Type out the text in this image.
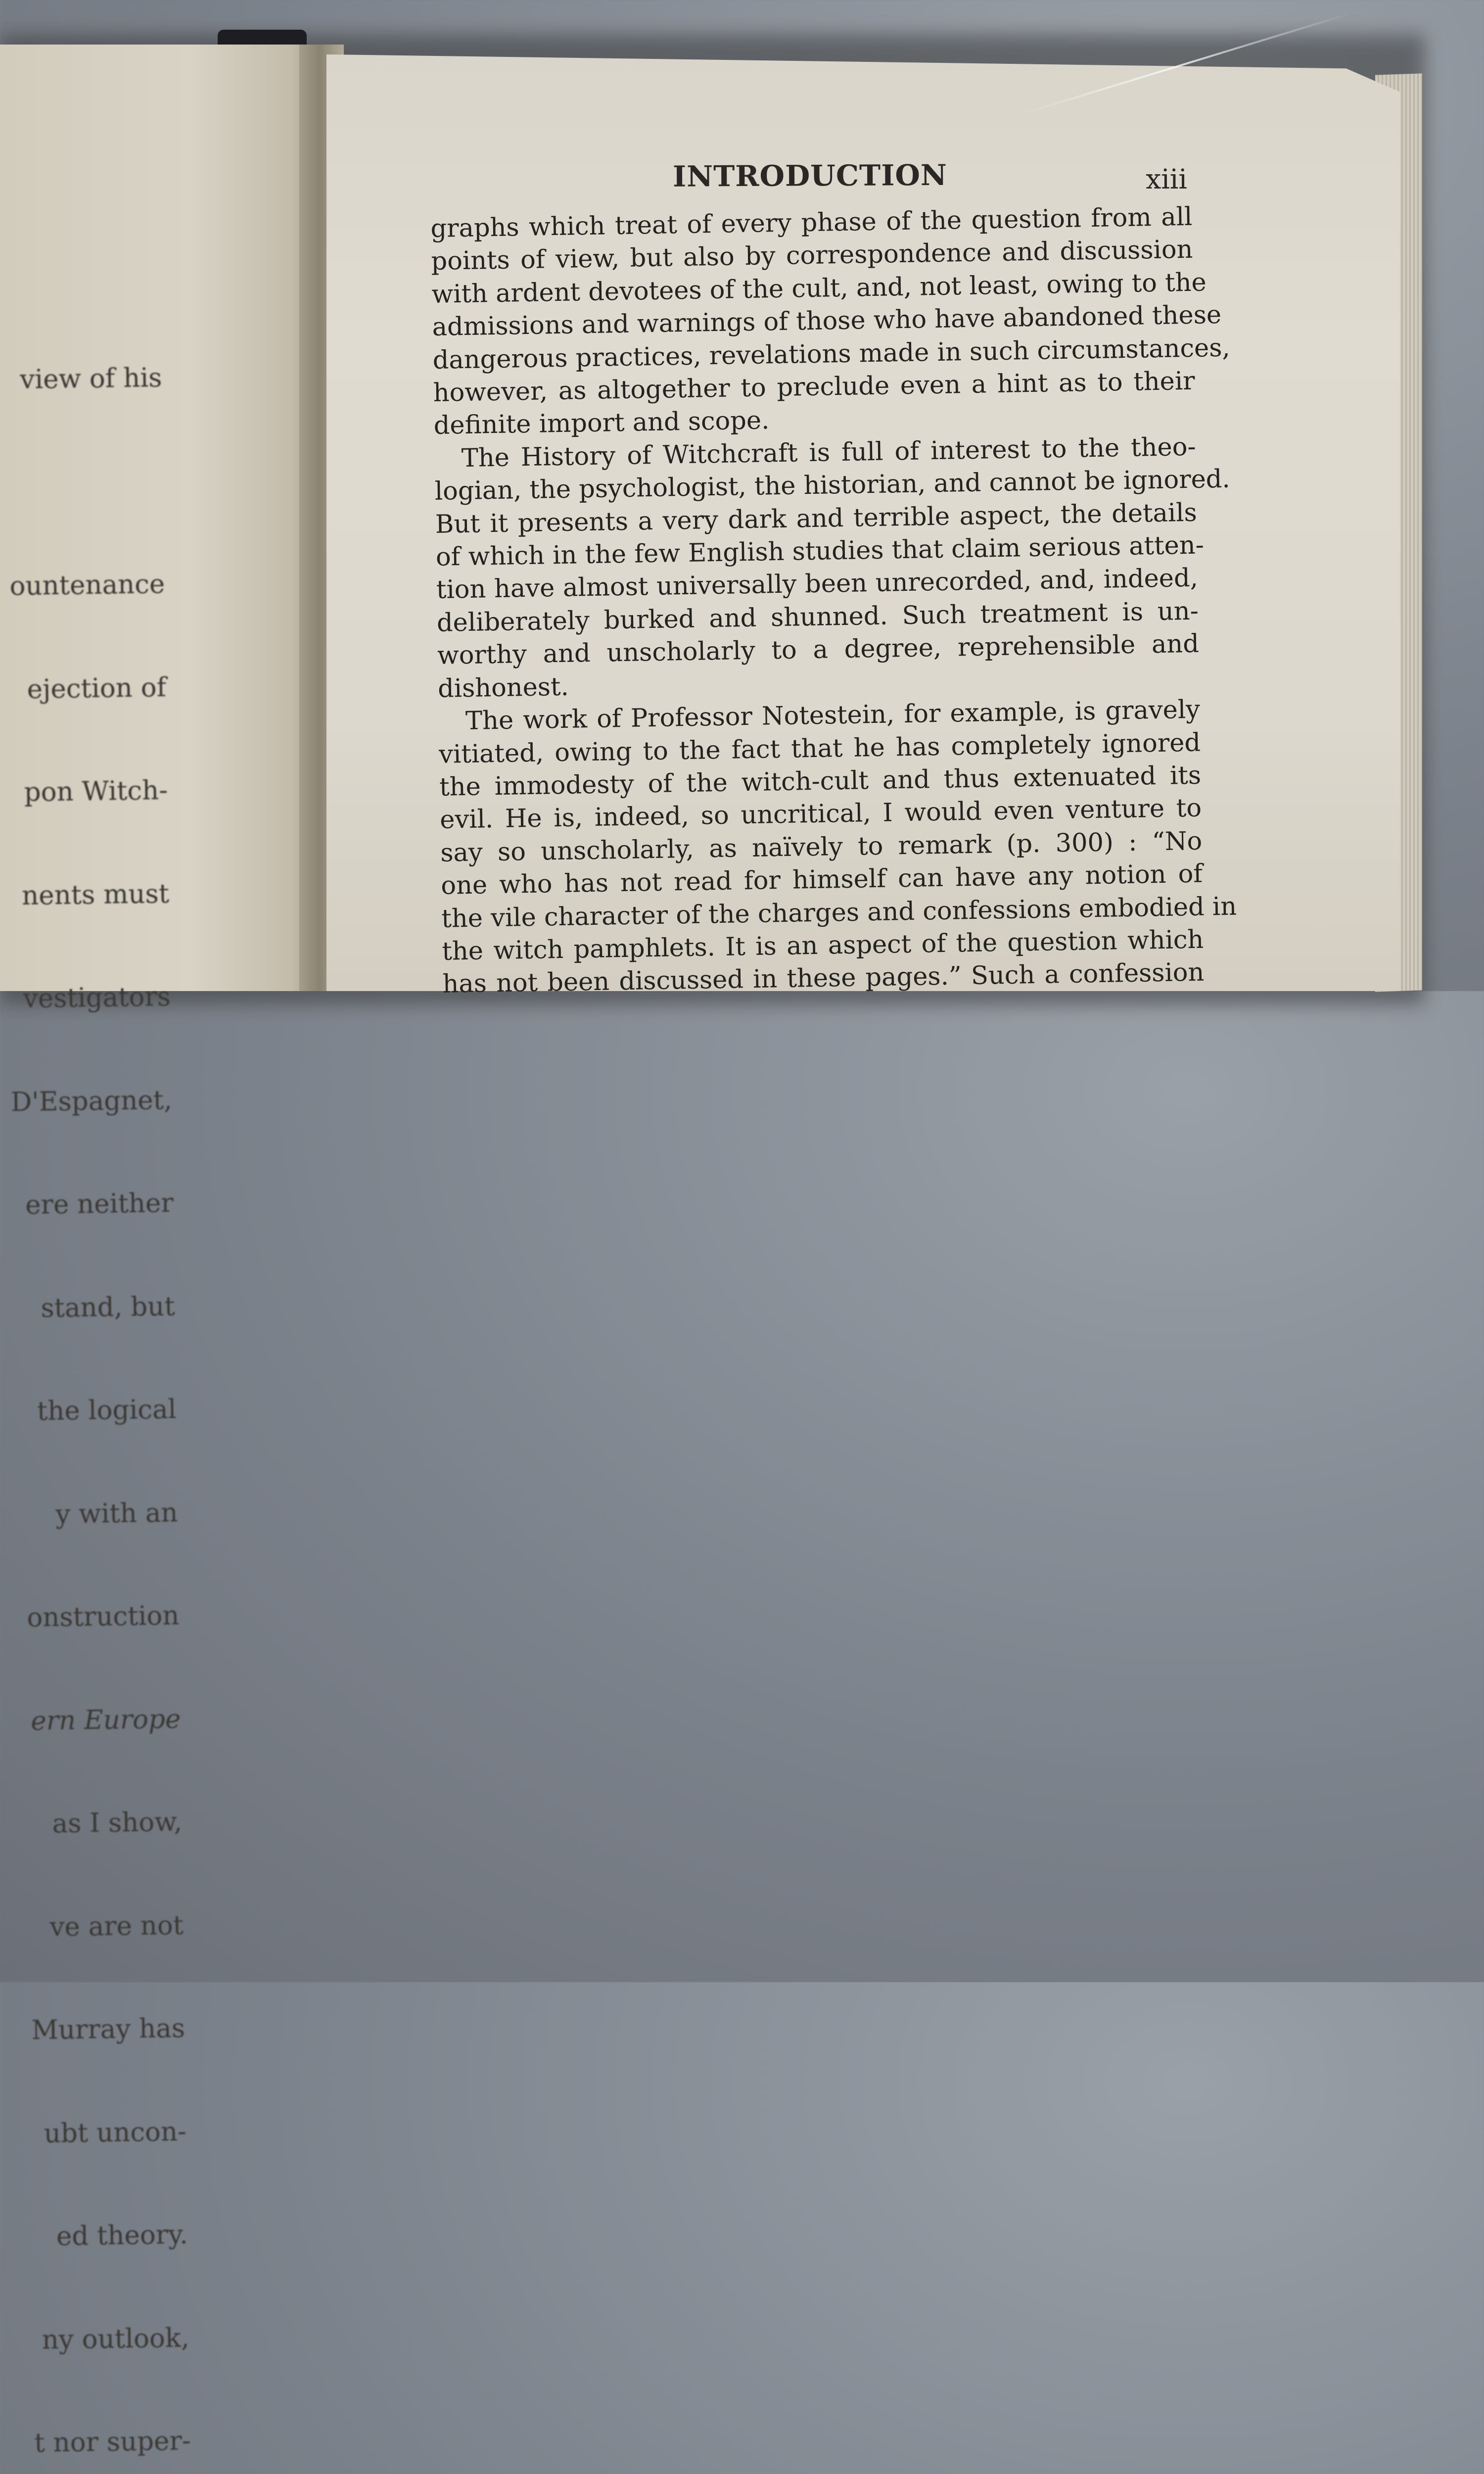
view of his

ountenance

ejection of

pon Witch-

nents must

vestigators

D'Espagnet,

ere neither

stand, but

the logical

y with an

onstruction

ern Europe

as I show,

ve are not

Murray has

ubt uncon-

ed theory.

ny outlook,

t nor super-

INTRODUCTION	xiii
graphs which treat of every phase of the question from all
points of view, but also by correspondence and discussion
with ardent devotees of the cult, and, not least, owing to the
admissions and warnings of those who have abandoned these
dangerous practices, revelations made in such circumstances,
however, as altogether to preclude even a hint as to their
definite import and scope.
The History of Witchcraft is full of interest to the theo-
logian, the psychologist, the historian, and cannot be ignored.
But it presents a very dark and terrible aspect, the details
of which in the few English studies that claim serious atten-
tion have almost universally been unrecorded, and, indeed,
deliberately burked and shunned. Such treatment is un-
worthy and unscholarly to a degree, reprehensible and
dishonest.
The work of Professor Notestein, for example, is gravely
vitiated, owing to the fact that he has completely ignored
the immodesty of the witch-cult and thus extenuated its
evil. He is, indeed, so uncritical, I would even venture to
say so unscholarly, as naïvely to remark (p. 300) : “No
one who has not read for himself can have any notion of
the vile character of the charges and confessions embodied in
the witch pamphlets. It is an aspect of the question which
has not been discussed in these pages.” Such a confession
